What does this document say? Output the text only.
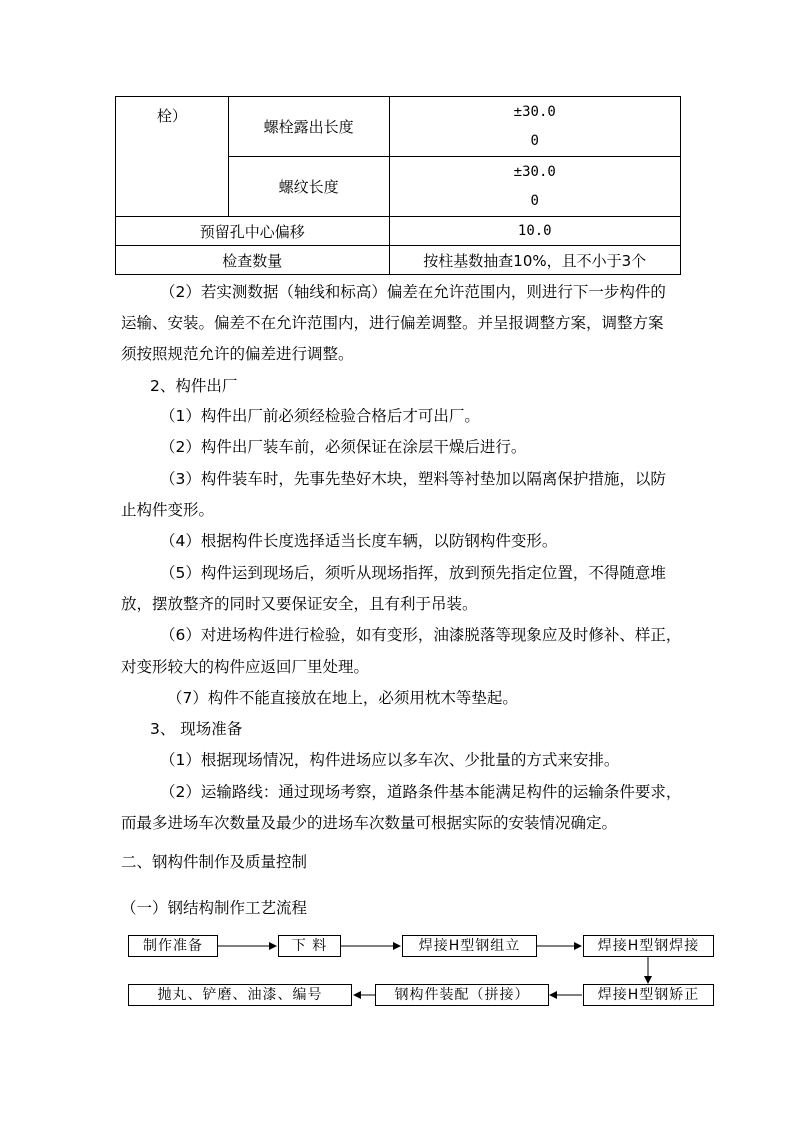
栓）	螺栓露出长度	±30.0
0

	螺纹长度	±30.0
0

预留孔中心偏移		10.0
检查数量		按柱基数抽查10%，且不小于3个
（2）若实测数据（轴线和标高）偏差在允许范围内，则进行下一步构件的
运输、安装。偏差不在允许范围内，进行偏差调整。并呈报调整方案，调整方案
须按照规范允许的偏差进行调整。
2、构件出厂
（1）构件出厂前必须经检验合格后才可出厂。
（2）构件出厂装车前，必须保证在涂层干燥后进行。
（3）构件装车时，先事先垫好木块，塑料等衬垫加以隔离保护措施，以防
止构件变形。
（4）根据构件长度选择适当长度车辆，以防钢构件变形。
（5）构件运到现场后，须听从现场指挥，放到预先指定位置，不得随意堆
放，摆放整齐的同时又要保证安全，且有利于吊装。
（6）对进场构件进行检验，如有变形，油漆脱落等现象应及时修补、样正，
对变形较大的构件应返回厂里处理。
（7）构件不能直接放在地上，必须用枕木等垫起。
3、 现场准备
（1）根据现场情况，构件进场应以多车次、少批量的方式来安排。
（2）运输路线：通过现场考察，道路条件基本能满足构件的运输条件要求，
而最多进场车次数量及最少的进场车次数量可根据实际的安装情况确定。
二、钢构件制作及质量控制
（一）钢结构制作工艺流程
制作准备	下 料	焊接H型钢组立	焊接H型钢焊接
焊接H型钢矫正
钢构件装配（拼接）
抛丸、铲磨、油漆、编号
